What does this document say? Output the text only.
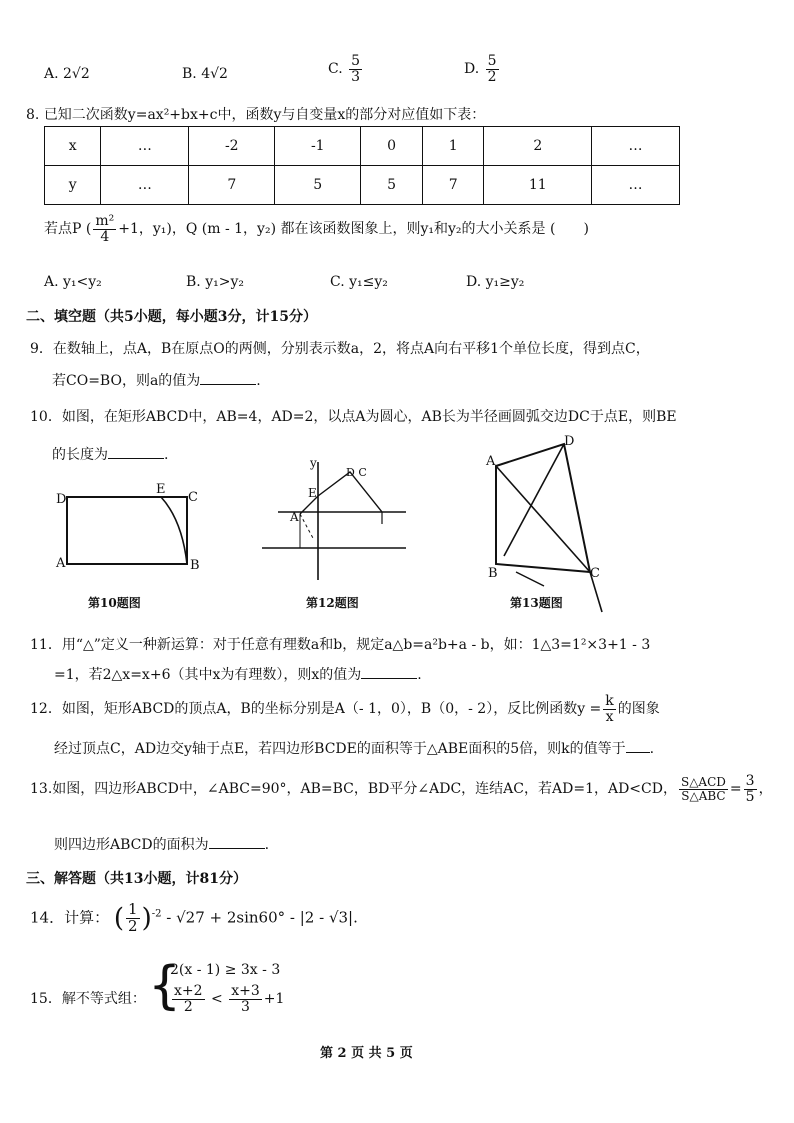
A. 2√2	B. 4√2	C. $\frac{5}{3}$	D. $\frac{5}{2}$
8. 已知二次函数y=ax²+bx+c中，函数y与自变量x的部分对应值如下表：
x	…	-2	-1	0	1	2	…
y	…	7	5	5	7	11	…
若点P ( $\frac{\text{m²}}{4} +1$，y₁)，Q (m - 1，y₂) 都在该函数图象上，则y₁和y₂的大小关系是 (　　)
A. y₁<y₂	B. y₁>y₂	C. y₁≤y₂	D. y₁≥y₂
二、填空题（共5小题，每小题3分，计15分）
9．在数轴上，点A，B在原点O的两侧，分别表示数a，2，将点A向右平移1个单位长度，得到点C，
若CO=BO，则a的值为	.
10．如图，在矩形ABCD中，AB=4，AD=2，以点A为圆心，AB长为半径画圆弧交边DC于点E，则BE
的长度为	.
D
E
C
A	B
第10题图
y
E
A
D C
第12题图
A
D
B	C
第13题图
11．用“△”定义一种新运算：对于任意有理数a和b，规定a△b=a²b+a - b，如：1△3=1²×3+1 - 3
=1，若2△x=x+6（其中x为有理数），则x的值为	.
12．如图，矩形ABCD的顶点A，B的坐标分别是A（- 1，0），B（0，- 2），反比例函数$y = \frac{k}{x}$ 的图象
经过顶点C，AD边交y轴于点E，若四边形BCDE的面积等于△ABE面积的5倍，则k的值等于 .
13.如图，四边形ABCD中，∠ABC=90°，AB=BC，BD平分∠ADC，连结AC，若AD=1，AD<CD， $\frac{\text{S△ACD}}{\text{S△ABC}} = \frac{3}{5}$ ，
则四边形ABCD的面积为	.
三、解答题（共13小题，计81分）
14．计算： ( $\frac{1}{2} )^{-2} - √27 + 2\sin 60^\circ - |2 - √3|$.
15．解不等式组： {
2(x - 1) ≥ 3x - 3
$\frac{x+2}{2} < \frac{x+3}{3} +1$
第 2 页 共 5 页
